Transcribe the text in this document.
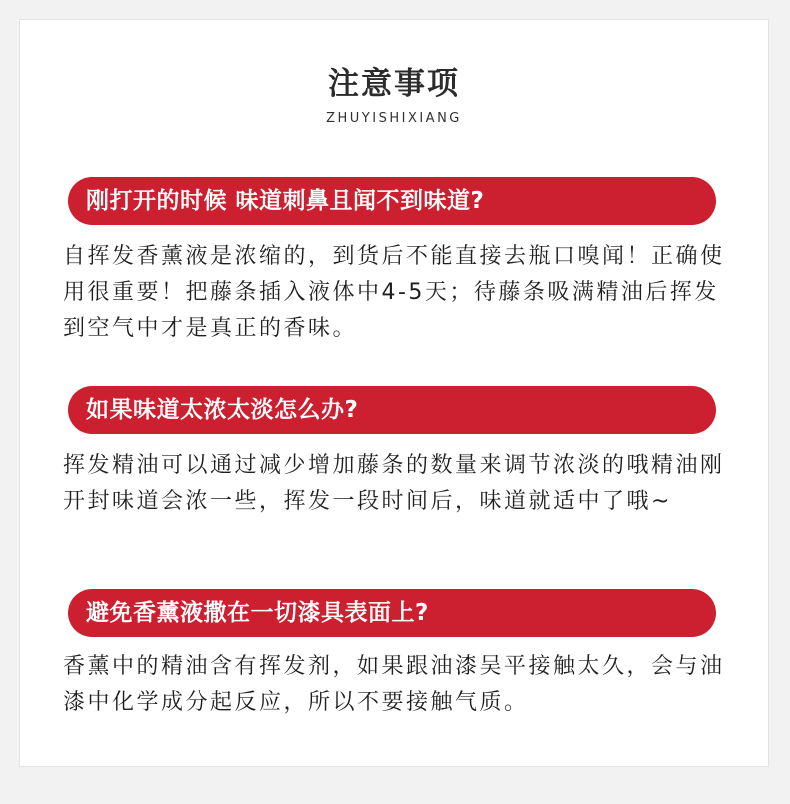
注意事项
ZHUYISHIXIANG
刚打开的时候 味道刺鼻且闻不到味道?

自挥发香薰液是浓缩的，到货后不能直接去瓶口嗅闻！正确使用很重要！把藤条插入液体中4-5天；待藤条吸满精油后挥发到空气中才是真正的香味。

如果味道太浓太淡怎么办?

挥发精油可以通过减少增加藤条的数量来调节浓淡的哦精油刚开封味道会浓一些，挥发一段时间后，味道就适中了哦~

避免香薰液撒在一切漆具表面上?

香薰中的精油含有挥发剂，如果跟油漆吴平接触太久，会与油漆中化学成分起反应，所以不要接触气质。
